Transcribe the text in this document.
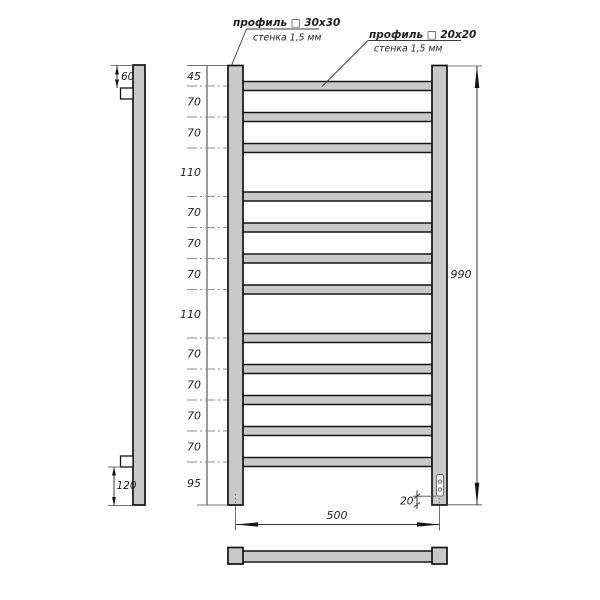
60
120
45
70
70
110
70
70
70
110
70
70
70
70
95
990
500
20
профиль □ 30x30
стенка 1,5 мм	профиль □ 20x20
стенка 1,5 мм
